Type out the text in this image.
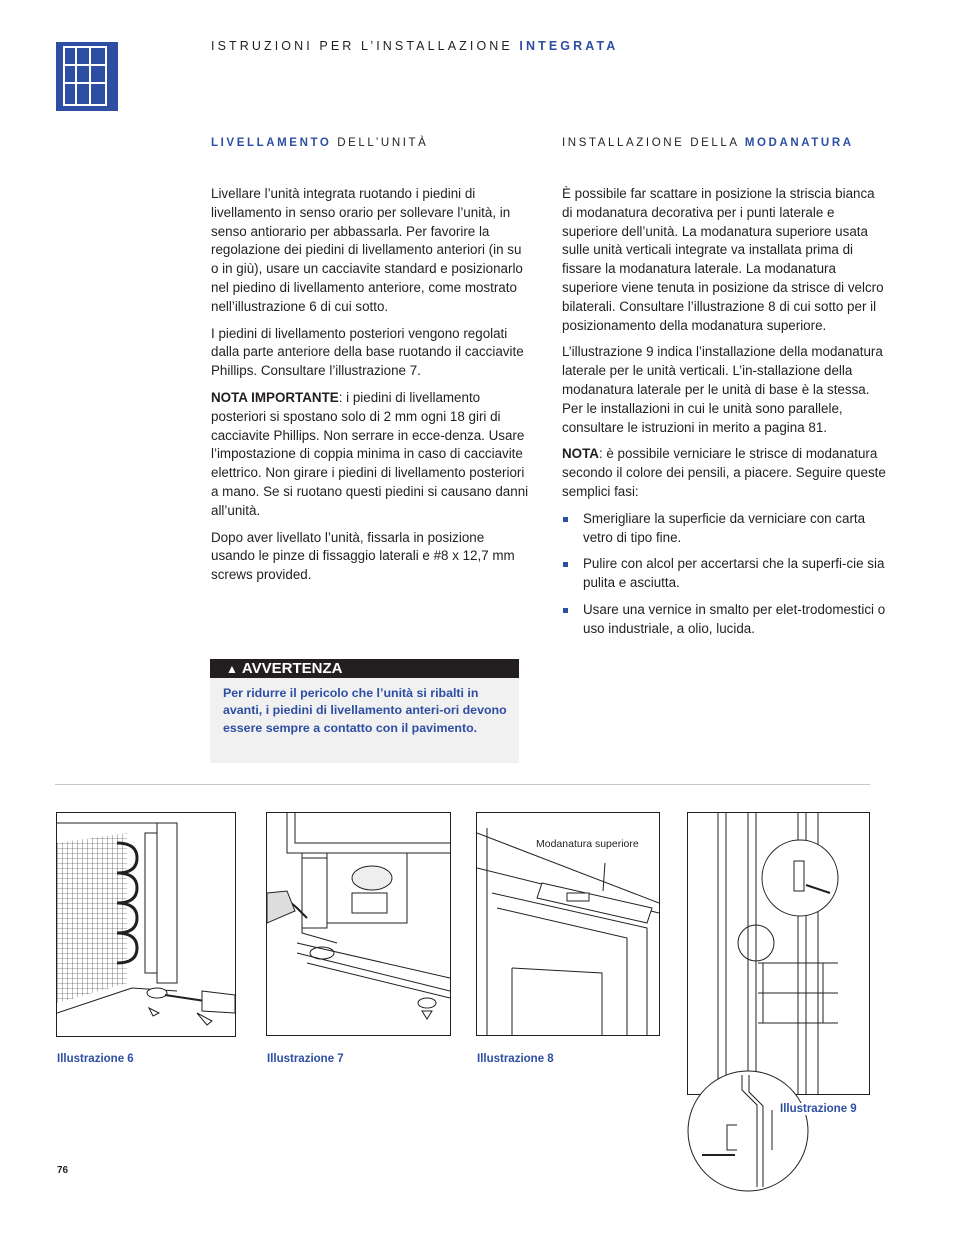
ISTRUZIONI PER L’INSTALLAZIONE INTEGRATA
LIVELLAMENTO DELL’UNITÀ	INSTALLAZIONE DELLA MODANATURA

Livellare l’unità integrata ruotando i piedini di livellamento in senso orario per sollevare l’unità, in senso antiorario per abbassarla. Per favorire la regolazione dei piedini di livellamento anteriori (in su o in giù), usare un cacciavite standard e posizionarlo nel piedino di livellamento anteriore, come mostrato nell’illustrazione 6 di cui sotto.

I piedini di livellamento posteriori vengono regolati dalla parte anteriore della base ruotando il cacciavite Phillips. Consultare l’illustrazione 7.

NOTA IMPORTANTE: i piedini di livellamento posteriori si spostano solo di 2 mm ogni 18 giri di cacciavite Phillips. Non serrare in ecce-denza. Usare l’impostazione di coppia minima in caso di cacciavite elettrico. Non girare i piedini di livellamento posteriori a mano. Se si ruotano questi piedini si causano danni all’unità.

Dopo aver livellato l’unità, fissarla in posizione usando le pinze di fissaggio laterali e #8 x 12,7 mm screws provided.

▲ AVVERTENZA
Per ridurre il pericolo che l’unità si ribalti in avanti, i piedini di livellamento anteri-ori devono essere sempre a contatto con il pavimento.

È possibile far scattare in posizione la striscia bianca di modanatura decorativa per i punti laterale e superiore dell’unità. La modanatura superiore usata sulle unità verticali integrate va installata prima di fissare la modanatura laterale. La modanatura superiore viene tenuta in posizione da strisce di velcro bilaterali. Consultare l’illustrazione 8 di cui sotto per il posizionamento della modanatura superiore.

L’illustrazione 9 indica l’installazione della modanatura laterale per le unità verticali. L’in-stallazione della modanatura laterale per le unità di base è la stessa. Per le installazioni in cui le unità sono parallele, consultare le istruzioni in merito a pagina 81.

NOTA: è possibile verniciare le strisce di modanatura secondo il colore dei pensili, a piacere. Seguire queste semplici fasi:

Smerigliare la superficie da verniciare con carta vetro di tipo fine.
Pulire con alcol per accertarsi che la superfi-cie sia pulita e asciutta.
Usare una vernice in smalto per elet-trodomestici o uso industriale, a olio, lucida.
Illustrazione 6	Illustrazione 7
Modanatura superiore
Illustrazione 8
Illustrazione 9
76
